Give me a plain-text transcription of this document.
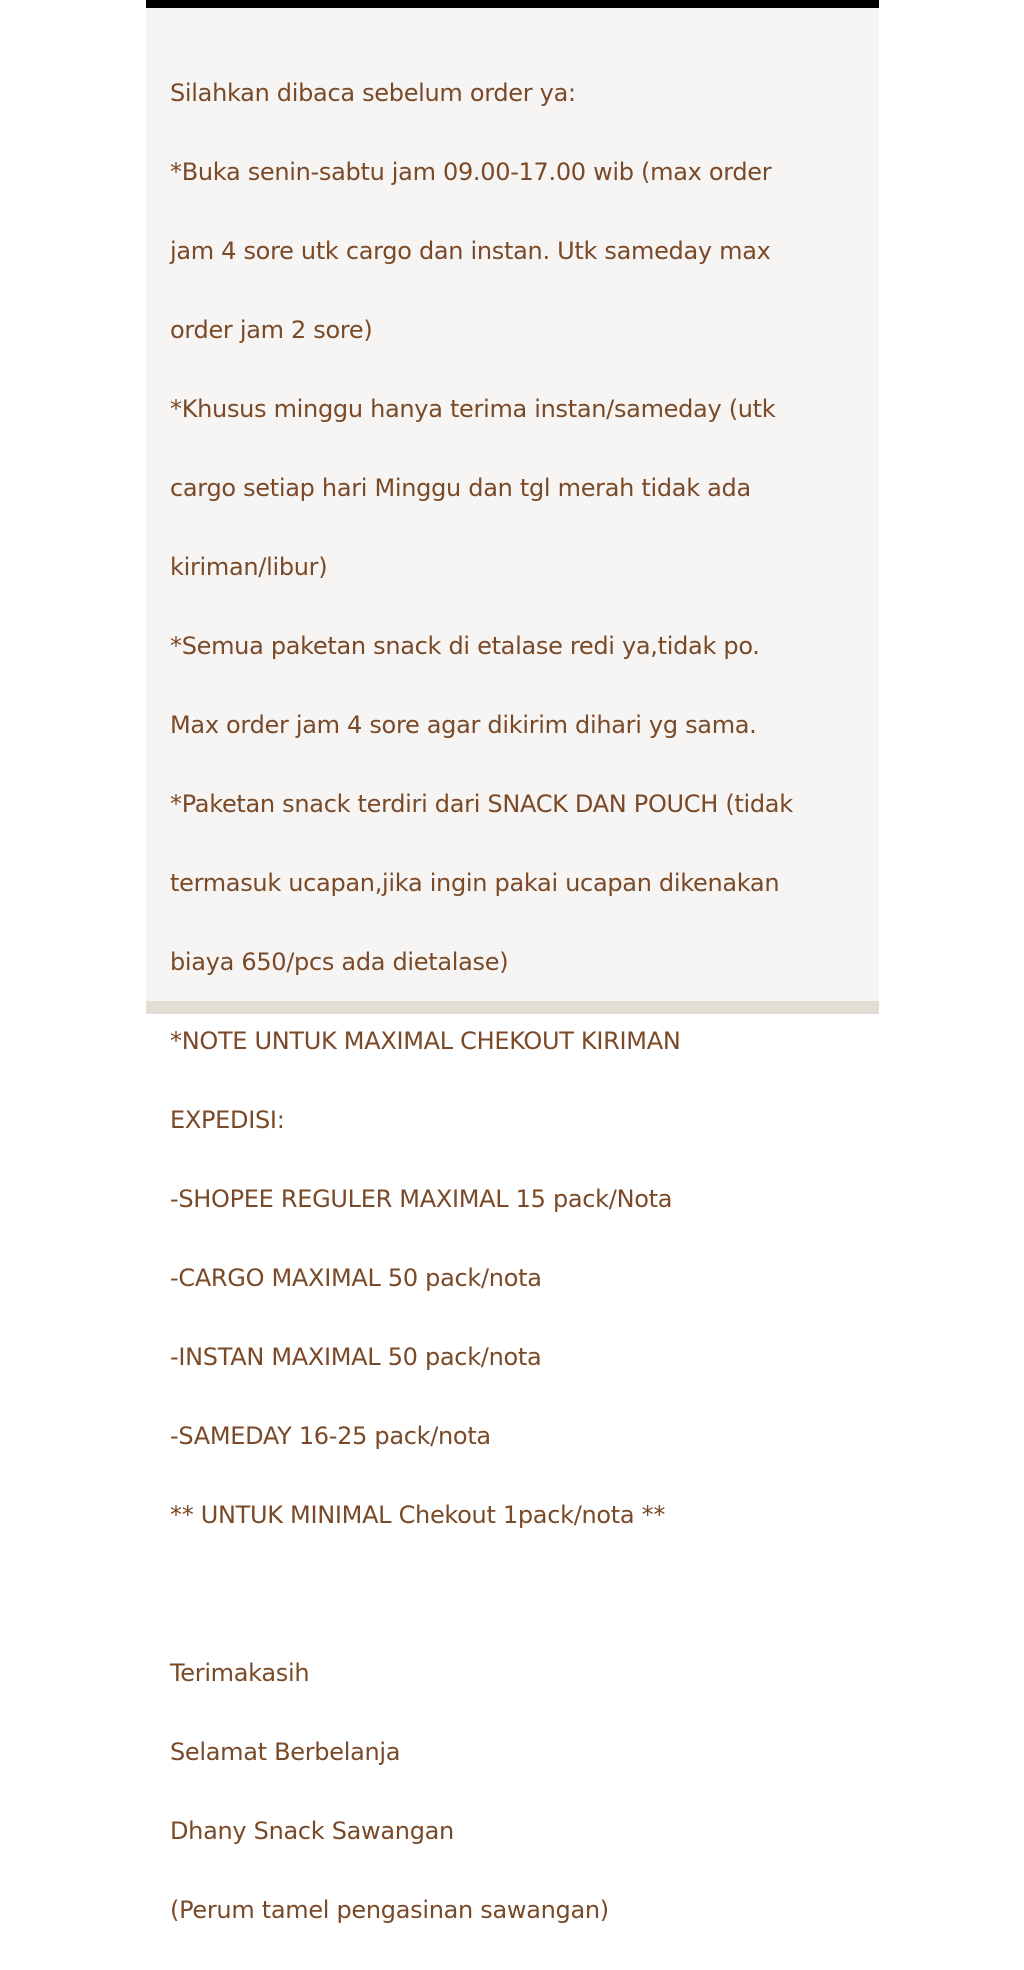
Silahkan dibaca sebelum order ya:

*Buka senin-sabtu jam 09.00-17.00 wib (max order

jam 4 sore utk cargo dan instan. Utk sameday max

order jam 2 sore)

*Khusus minggu hanya terima instan/sameday (utk

cargo setiap hari Minggu dan tgl merah tidak ada

kiriman/libur)

*Semua paketan snack di etalase redi ya,tidak po.

Max order jam 4 sore agar dikirim dihari yg sama.

*Paketan snack terdiri dari SNACK DAN POUCH (tidak

termasuk ucapan,jika ingin pakai ucapan dikenakan

biaya 650/pcs ada dietalase)

*NOTE UNTUK MAXIMAL CHEKOUT KIRIMAN

EXPEDISI:

-SHOPEE REGULER MAXIMAL 15 pack/Nota

-CARGO MAXIMAL 50 pack/nota

-INSTAN MAXIMAL 50 pack/nota

-SAMEDAY 16-25 pack/nota

** UNTUK MINIMAL Chekout 1pack/nota **

Terimakasih

Selamat Berbelanja

Dhany Snack Sawangan

(Perum tamel pengasinan sawangan)
